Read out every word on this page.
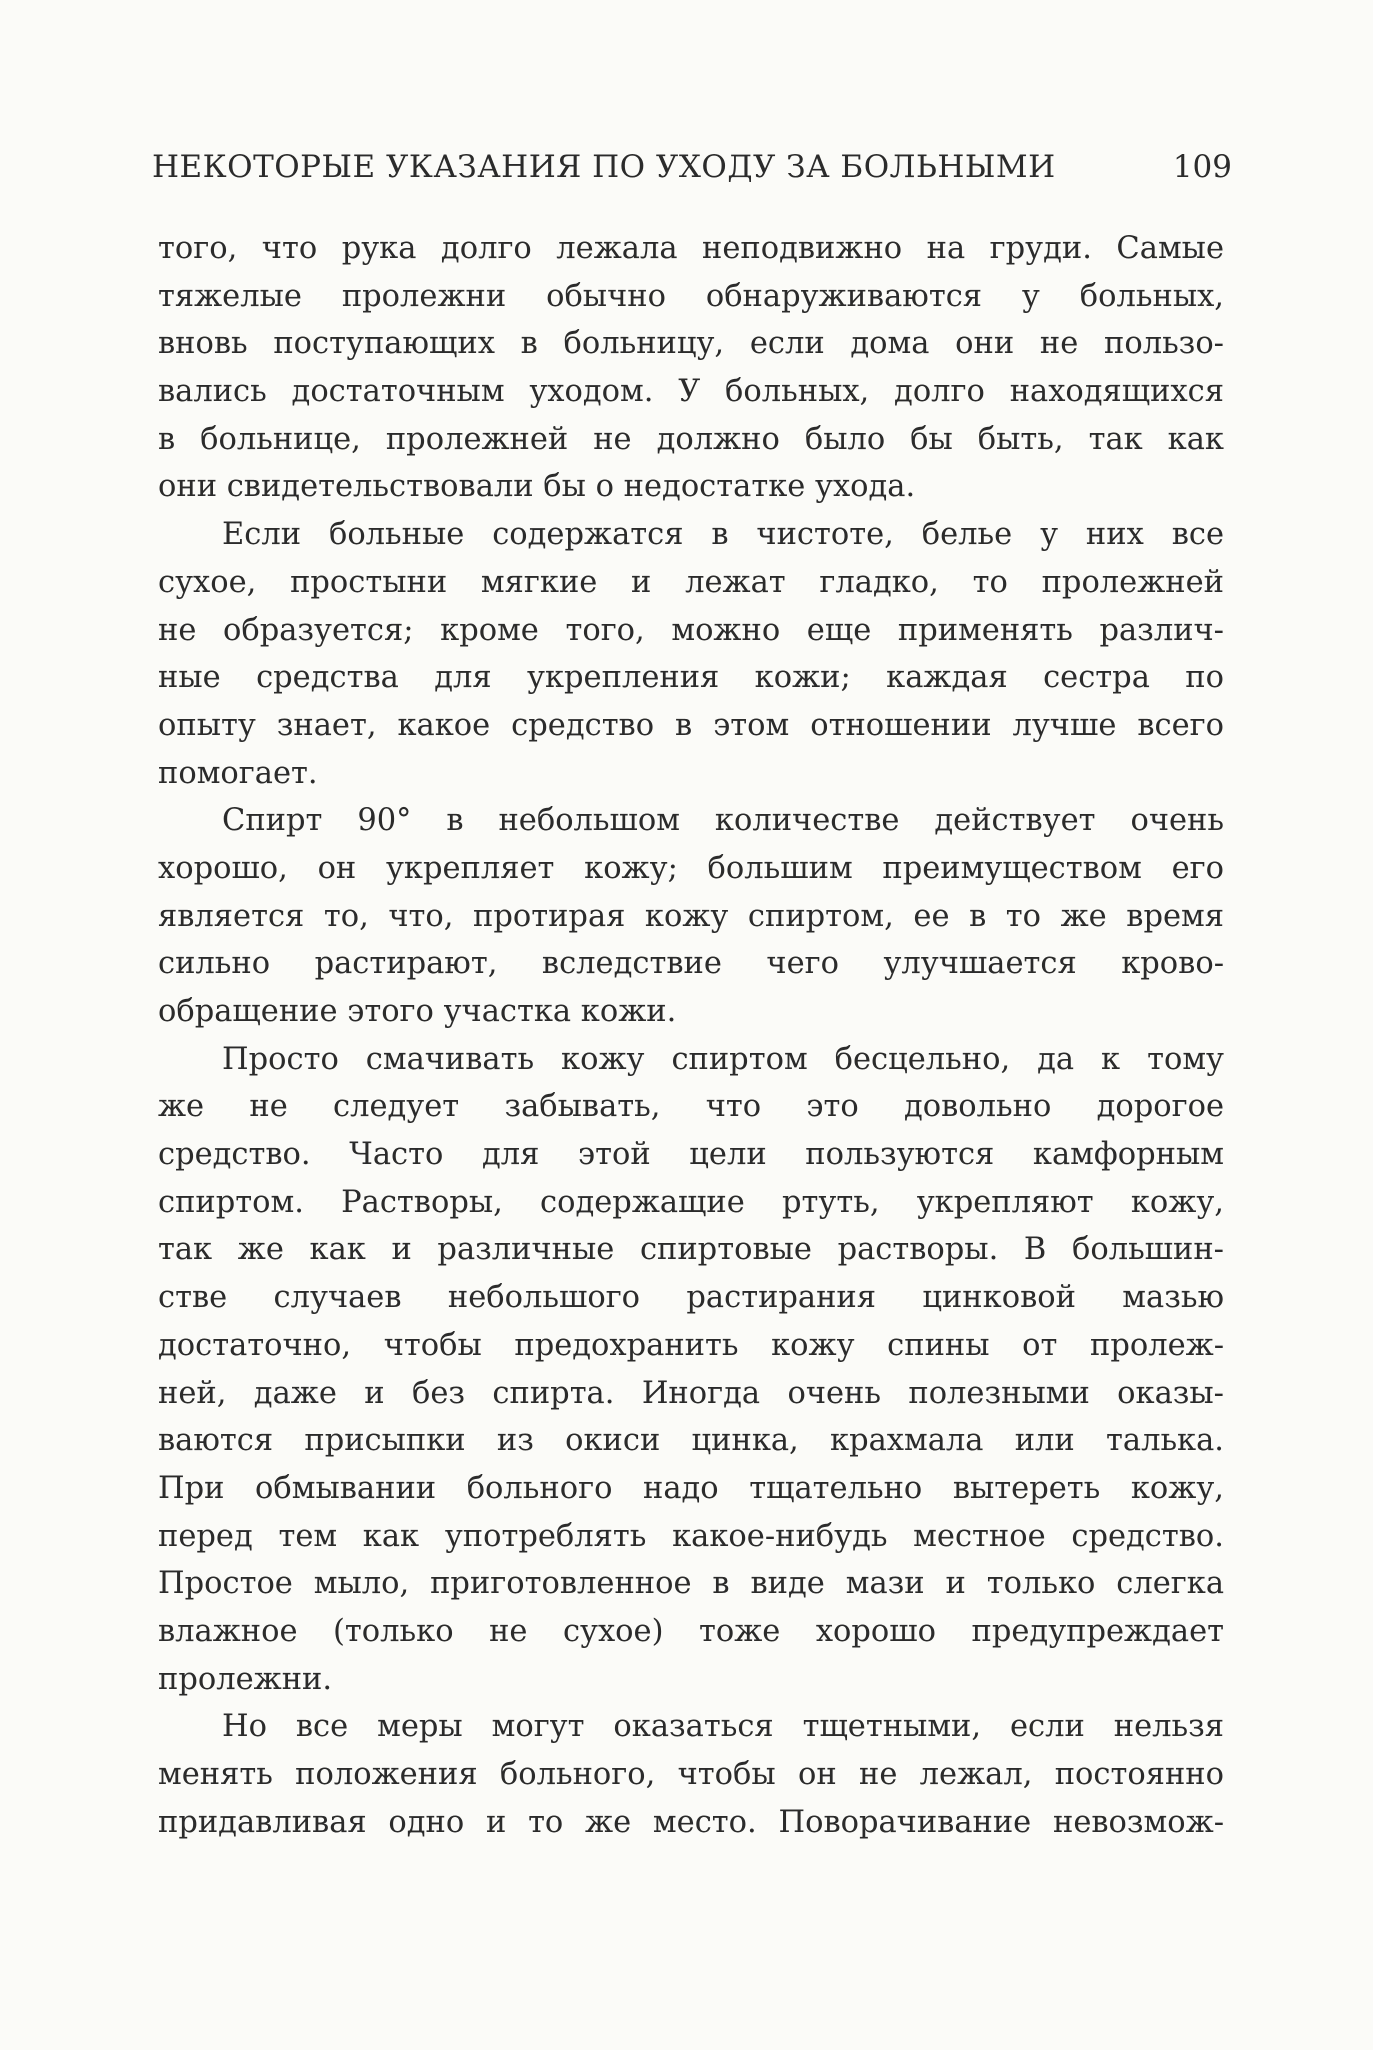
НЕКОТОРЫЕ УКАЗАНИЯ ПО УХОДУ ЗА БОЛЬНЫМИ	109
того, что рука долго лежала неподвижно на груди. Самые
тяжелые пролежни обычно обнаруживаются у больных,
вновь поступающих в больницу, если дома они не пользо-
вались достаточным уходом. У больных, долго находящихся
в больнице, пролежней не должно было бы быть, так как
они свидетельствовали бы о недостатке ухода.
Если больные содержатся в чистоте, белье у них все
сухое, простыни мягкие и лежат гладко, то пролежней
не образуется; кроме того, можно еще применять различ-
ные средства для укрепления кожи; каждая сестра по
опыту знает, какое средство в этом отношении лучше всего
помогает.
Спирт 90° в небольшом количестве действует очень
хорошо, он укрепляет кожу; большим преимуществом его
является то, что, протирая кожу спиртом, ее в то же время
сильно растирают, вследствие чего улучшается крово-
обращение этого участка кожи.
Просто смачивать кожу спиртом бесцельно, да к тому
же не следует забывать, что это довольно дорогое
средство. Часто для этой цели пользуются камфорным
спиртом. Растворы, содержащие ртуть, укрепляют кожу,
так же как и различные спиртовые растворы. В большин-
стве случаев небольшого растирания цинковой мазью
достаточно, чтобы предохранить кожу спины от пролеж-
ней, даже и без спирта. Иногда очень полезными оказы-
ваются присыпки из окиси цинка, крахмала или талька.
При обмывании больного надо тщательно вытереть кожу,
перед тем как употреблять какое-нибудь местное средство.
Простое мыло, приготовленное в виде мази и только слегка
влажное (только не сухое) тоже хорошо предупреждает
пролежни.
Но все меры могут оказаться тщетными, если нельзя
менять положения больного, чтобы он не лежал, постоянно
придавливая одно и то же место. Поворачивание невозмож-
